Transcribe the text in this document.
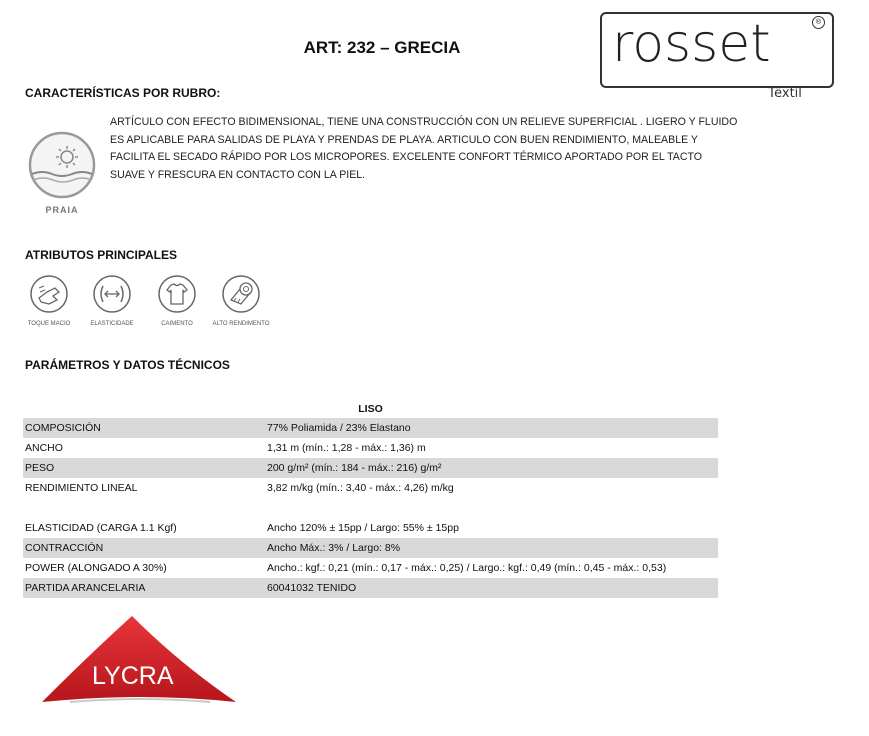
ART: 232 – GRECIA	rosset	®
Têxtil
CARACTERÍSTICAS POR RUBRO:
PRAIA
ARTÍCULO CON EFECTO BIDIMENSIONAL, TIENE UNA CONSTRUCCIÓN CON UN RELIEVE SUPERFICIAL . LIGERO Y FLUIDO ES APLICABLE PARA SALIDAS DE PLAYA Y PRENDAS DE PLAYA. ARTICULO CON BUEN RENDIMIENTO, MALEABLE Y FACILITA EL SECADO RÁPIDO POR LOS MICROPORES. EXCELENTE CONFORT TÉRMICO APORTADO POR EL TACTO SUAVE Y FRESCURA EN CONTACTO CON LA PIEL.
ATRIBUTOS PRINCIPALES
TOQUE MACIO	ELASTICIDADE	CAIMENTO	ALTO RENDIMENTO
PARÁMETROS Y DATOS TÉCNICOS
LISO	
COMPOSICIÓN	77% Poliamida / 23% Elastano
ANCHO	1,31 m (mín.: 1,28 - máx.: 1,36) m
PESO	200 g/m² (mín.: 184 - máx.: 216) g/m²
RENDIMIENTO LINEAL	3,82 m/kg (mín.: 3,40 - máx.: 4,26) m/kg

ELASTICIDAD (CARGA 1.1 Kgf)	Ancho 120% ± 15pp / Largo: 55% ± 15pp
CONTRACCIÓN	Ancho Máx.: 3% / Largo: 8%
POWER (ALONGADO A 30%)	Ancho.: kgf.: 0,21 (mín.: 0,17 - máx.: 0,25) / Largo.: kgf.: 0,49 (mín.: 0,45 - máx.: 0,53)
PARTIDA ARANCELARIA	60041032 TENIDO
LYCRA
